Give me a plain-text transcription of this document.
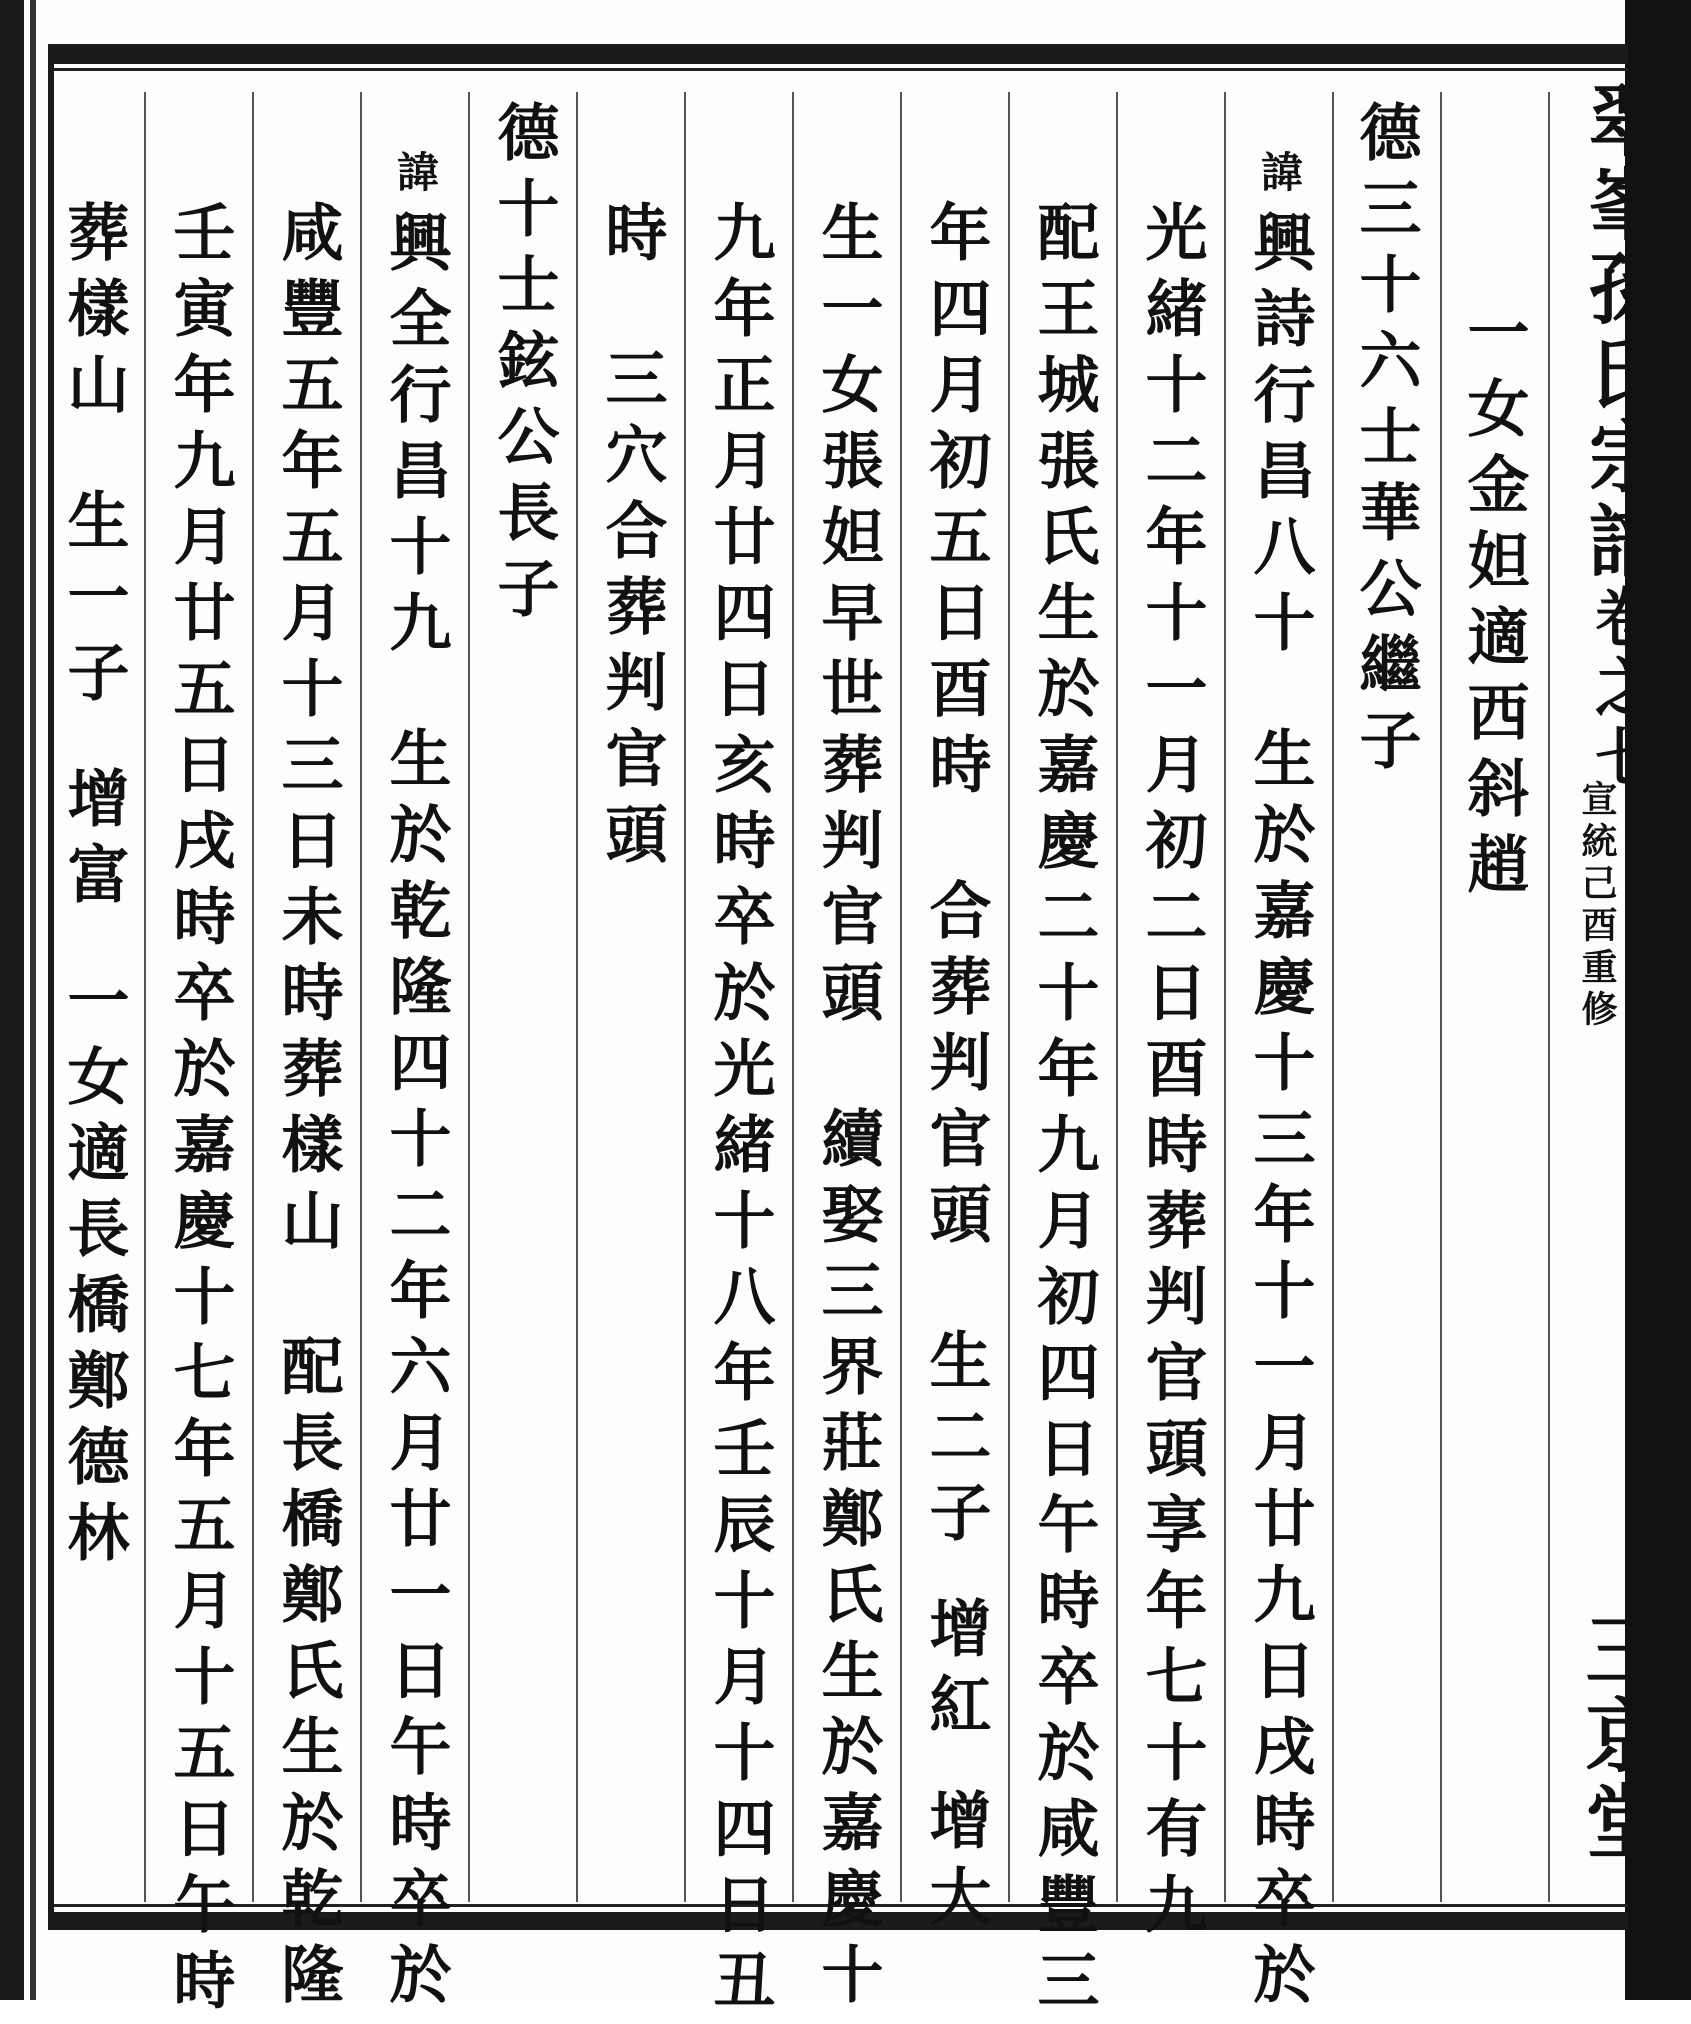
翠峯孫氏宗譜卷之七
宣統己酉重修
三京堂
一女金妲適西斜趙
德三十六士華公繼子
諱興詩行昌八十生於嘉慶十三年十一月廿九日戌時卒於
光緒十二年十一月初二日酉時葬判官頭享年七十有九
配王城張氏生於嘉慶二十年九月初四日午時卒於咸豐三
年四月初五日酉時合葬判官頭生二子增紅增大
生一女張妲早世葬判官頭續娶三界莊鄭氏生於嘉慶十
九年正月廿四日亥時卒於光緒十八年壬辰十月十四日丑
時三穴合葬判官頭
德十士鉉公長子
諱興全行昌十九生於乾隆四十二年六月廿一日午時卒於
咸豐五年五月十三日未時葬樣山配長橋鄭氏生於乾隆
壬寅年九月廿五日戌時卒於嘉慶十七年五月十五日午時
葬樣山生一子增富一女適長橋鄭德林
